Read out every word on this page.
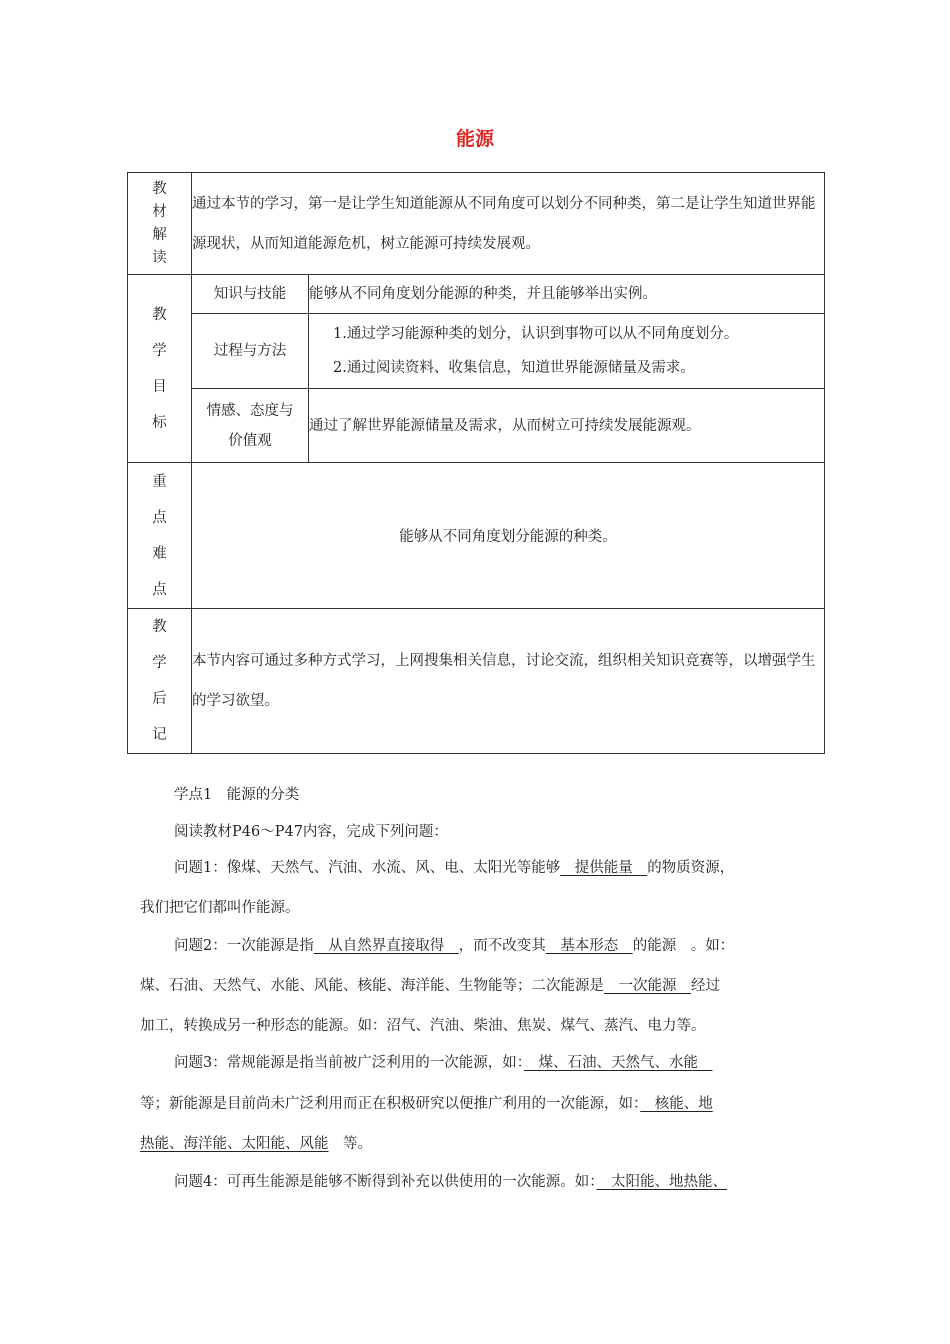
能源
教
材
解
读	通过本节的学习，第一是让学生知道能源从不同角度可以划分不同种类，第二是让学生知道世界能源现状，从而知道能源危机，树立能源可持续发展观。	

教
学
目
标	知识与技能	能够从不同角度划分能源的种类，并且能够举出实例。
	过程与方法	1.通过学习能源种类的划分，认识到事物可以从不同角度划分。
2.通过阅读资料、收集信息，知道世界能源储量及需求。

	情感、态度与价值观	通过了解世界能源储量及需求，从而树立可持续发展能源观。

重
点
难
点	能够从不同角度划分能源的种类。	

教
学
后
记	本节内容可通过多种方式学习，上网搜集相关信息，讨论交流，组织相关知识竞赛等，以增强学生的学习欲望。	
学点1　能源的分类
阅读教材P46～P47内容，完成下列问题：
问题1：像煤、天然气、汽油、水流、风、电、太阳光等能够　提供能量　的物质资源，
我们把它们都叫作能源。
问题2：一次能源是指　从自然界直接取得　，而不改变其　基本形态　的能源　。如：
煤、石油、天然气、水能、风能、核能、海洋能、生物能等；二次能源是　一次能源　经过
加工，转换成另一种形态的能源。如：沼气、汽油、柴油、焦炭、煤气、蒸汽、电力等。
问题3：常规能源是指当前被广泛利用的一次能源，如：　煤、石油、天然气、水能　
等；新能源是目前尚未广泛利用而正在积极研究以便推广利用的一次能源，如：　核能、地
热能、海洋能、太阳能、风能　等。
问题4：可再生能源是能够不断得到补充以供使用的一次能源。如：　太阳能、地热能、
